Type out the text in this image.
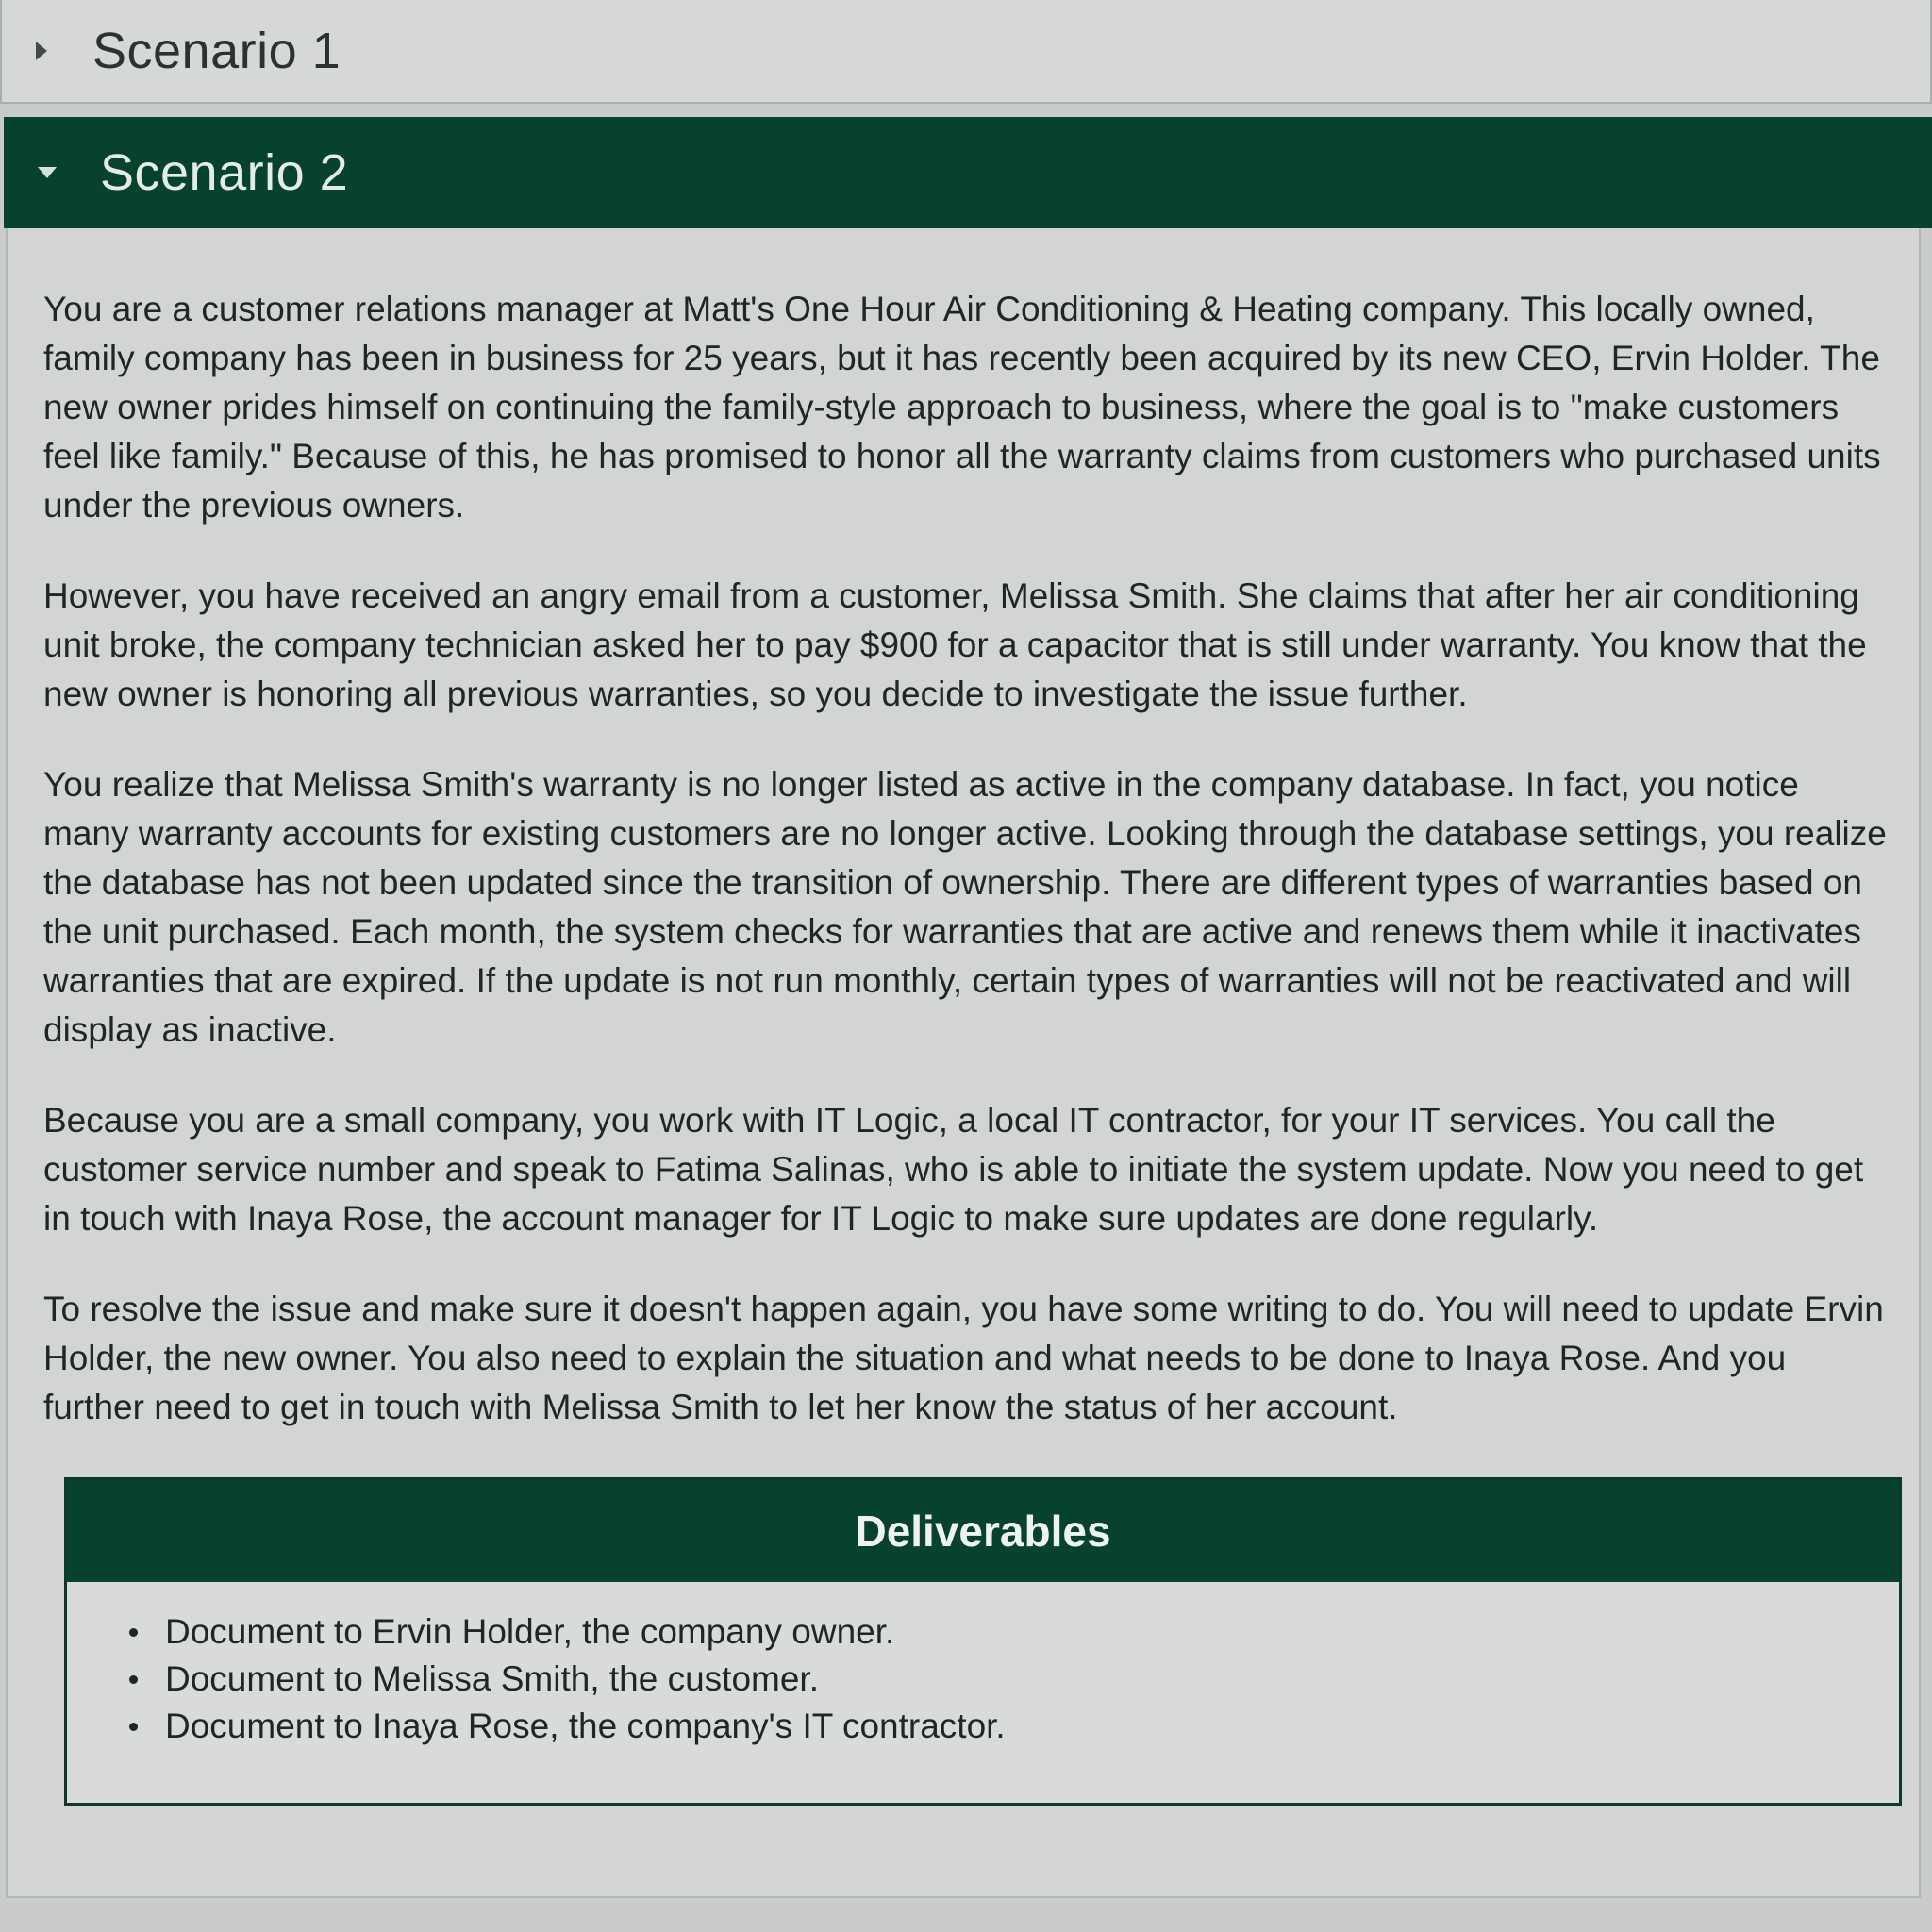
Scenario 1
Scenario 2

You are a customer relations manager at Matt's One Hour Air Conditioning & Heating company. This locally owned, family company has been in business for 25 years, but it has recently been acquired by its new CEO, Ervin Holder. The new owner prides himself on continuing the family-style approach to business, where the goal is to "make customers feel like family." Because of this, he has promised to honor all the warranty claims from customers who purchased units under the previous owners.

However, you have received an angry email from a customer, Melissa Smith. She claims that after her air conditioning unit broke, the company technician asked her to pay $900 for a capacitor that is still under warranty. You know that the new owner is honoring all previous warranties, so you decide to investigate the issue further.

You realize that Melissa Smith's warranty is no longer listed as active in the company database. In fact, you notice many warranty accounts for existing customers are no longer active. Looking through the database settings, you realize the database has not been updated since the transition of ownership. There are different types of warranties based on the unit purchased. Each month, the system checks for warranties that are active and renews them while it inactivates warranties that are expired. If the update is not run monthly, certain types of warranties will not be reactivated and will display as inactive.

Because you are a small company, you work with IT Logic, a local IT contractor, for your IT services. You call the customer service number and speak to Fatima Salinas, who is able to initiate the system update. Now you need to get in touch with Inaya Rose, the account manager for IT Logic to make sure updates are done regularly.

To resolve the issue and make sure it doesn't happen again, you have some writing to do. You will need to update Ervin Holder, the new owner. You also need to explain the situation and what needs to be done to Inaya Rose. And you further need to get in touch with Melissa Smith to let her know the status of her account.

Deliverables
Document to Ervin Holder, the company owner.
Document to Melissa Smith, the customer.
Document to Inaya Rose, the company's IT contractor.
